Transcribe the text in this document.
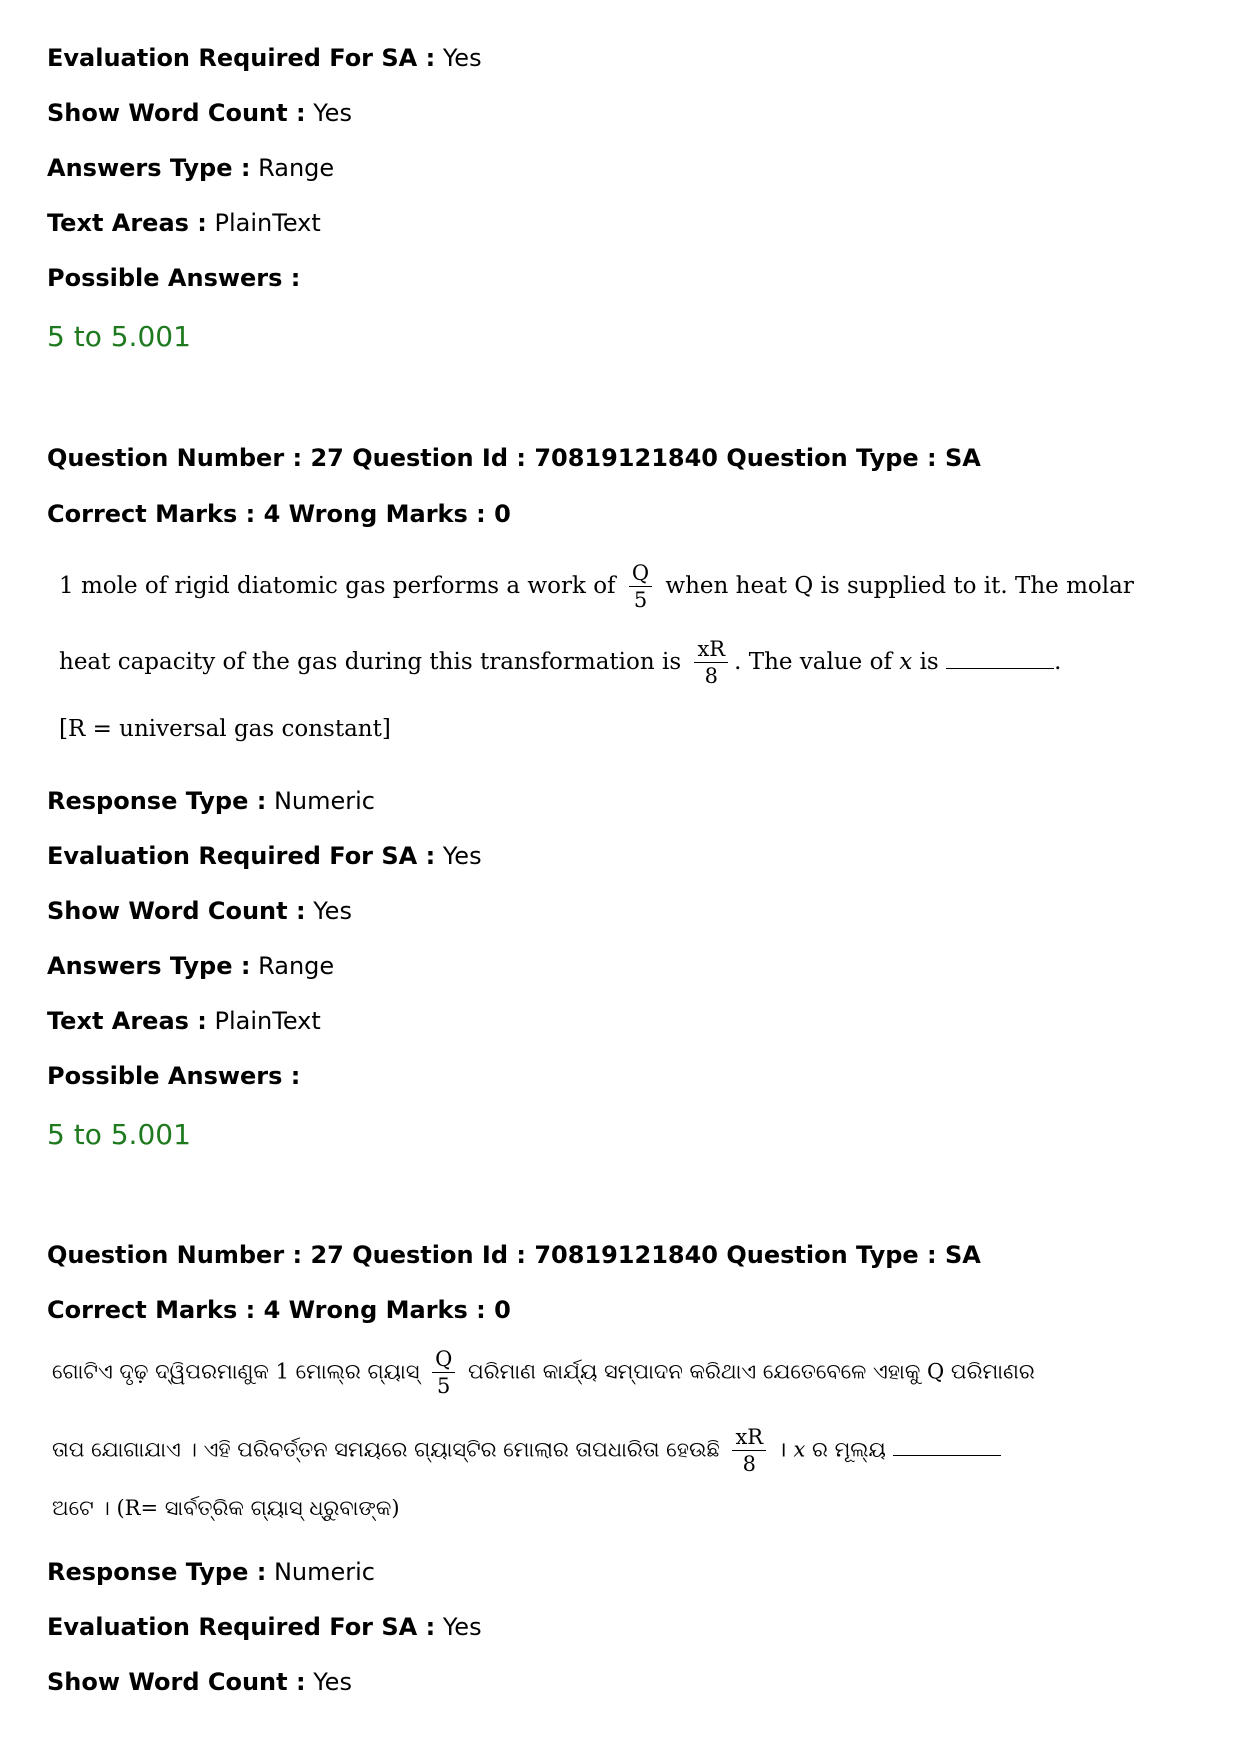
Evaluation Required For SA : Yes
Show Word Count : Yes
Answers Type : Range
Text Areas : PlainText
Possible Answers :
5 to 5.001
Question Number : 27 Question Id : 70819121840 Question Type : SA
Correct Marks : 4 Wrong Marks : 0
1 mole of rigid diatomic gas performs a work of $\frac{Q}{5}$ when heat Q is supplied to it. The molar
heat capacity of the gas during this transformation is $\frac{xR}{8}$ . The value of x is	.
[R = universal gas constant]
Response Type : Numeric
Evaluation Required For SA : Yes
Show Word Count : Yes
Answers Type : Range
Text Areas : PlainText
Possible Answers :
5 to 5.001
Question Number : 27 Question Id : 70819121840 Question Type : SA
Correct Marks : 4 Wrong Marks : 0
ଗୋଟିଏ ଦୃଢ଼ ଦ୍ୱିପରମାଣୁକ 1 ମୋଲ୍‌ର ଗ୍ୟାସ୍ $\frac{Q}{5}$ ପରିମାଣ କାର୍ଯ୍ୟ ସମ୍ପାଦନ କରିଥାଏ ଯେତେବେଳେ ଏହାକୁ Q ପରିମାଣର
ତାପ ଯୋଗାଯାଏ । ଏହି ପରିବର୍ତ୍ତନ ସମୟରେ ଗ୍ୟାସ୍‌ଟିର ମୋଲାର ତାପଧାରିତା ହେଉଛି $\frac{xR}{8}$ । x ର ମୂଲ୍ୟ
ଅଟେ । (R= ସାର୍ବତ୍ରିକ ଗ୍ୟାସ୍ ଧ୍ରୁବାଙ୍କ)
Response Type : Numeric
Evaluation Required For SA : Yes
Show Word Count : Yes
